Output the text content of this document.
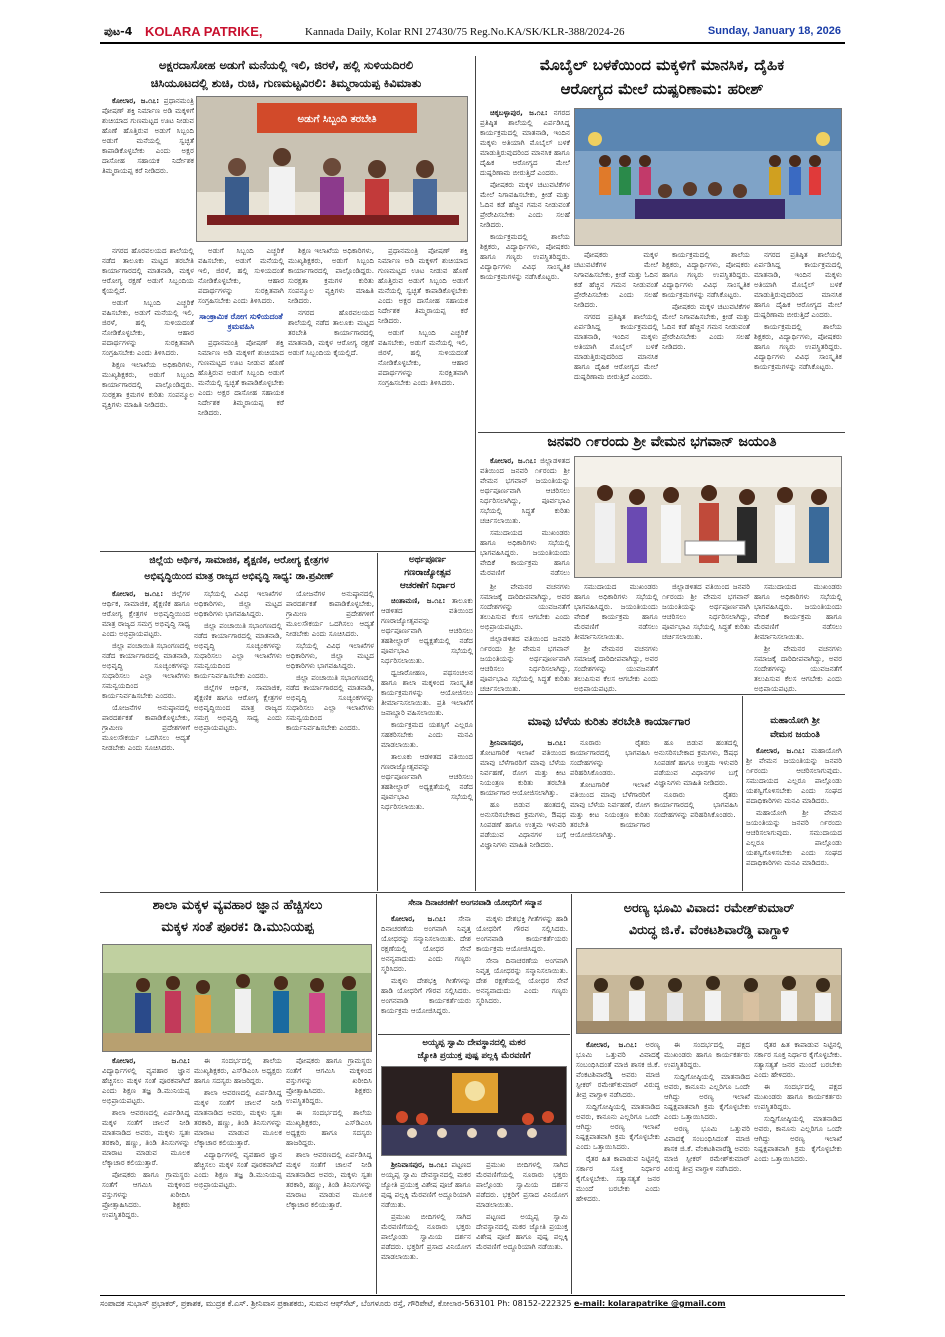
ಪುಟ-4 KOLARA PATRIKE,	Kannada Daily, Kolar RNI 27430/75 Reg.No.KA/SK/KLR-388/2024-26	Sunday, January 18, 2026
ಅಕ್ಷರದಾಸೋಹ ಅಡುಗೆ ಮನೆಯಲ್ಲಿ ಇಲಿ, ಜಿರಳೆ, ಹಲ್ಲಿ ಸುಳಿಯದಿರಲಿ
ಚಿಸಿಯೂಟದಲ್ಲಿ ಶುಚಿ, ರುಚಿ, ಗುಣಮಟ್ಟವಿರಲಿ: ತಿಮ್ಮರಾಯಪ್ಪ ಕಿವಿಮಾತು

ಕೋಲಾರ, ಜ.೧೭: ಪ್ರಧಾನಮಂತ್ರಿ ಪೋಷಣ್ ಶಕ್ತಿ ನಿರ್ಮಾಣ ಅಡಿ ಮಕ್ಕಳಿಗೆ ಶುಚಿಯಾದ ಗುಣಮಟ್ಟದ ಊಟ ನೀಡುವ ಹೊಣೆ ಹೊತ್ತಿರುವ ಅಡುಗೆ ಸಿಬ್ಬಂದಿ ಅಡುಗೆ ಮನೆಯಲ್ಲಿ ಸ್ವಚ್ಛತೆ ಕಾಪಾಡಿಕೊಳ್ಳಬೇಕು ಎಂದು ಅಕ್ಷರ ದಾಸೋಹ ಸಹಾಯಕ ನಿರ್ದೇಶಕ ತಿಮ್ಮರಾಯಪ್ಪ ಕರೆ ನೀಡಿದರು.

ಅಡುಗೆ ಸಿಬ್ಬಂದಿ ತರಬೇತಿ

ನಗರದ ಹೊರವಲಯದ ಶಾಲೆಯಲ್ಲಿ ನಡೆದ ತಾಲೂಕು ಮಟ್ಟದ ತರಬೇತಿ ಕಾರ್ಯಾಗಾರದಲ್ಲಿ ಮಾತನಾಡಿ, ಮಕ್ಕಳ ಆರೋಗ್ಯ ರಕ್ಷಣೆ ಅಡುಗೆ ಸಿಬ್ಬಂದಿಯ ಕೈಯಲ್ಲಿದೆ.

ಅಡುಗೆ ಸಿಬ್ಬಂದಿ ಎಚ್ಚರಿಕೆ ವಹಿಸಬೇಕು, ಅಡುಗೆ ಮನೆಯಲ್ಲಿ ಇಲಿ, ಜಿರಳೆ, ಹಲ್ಲಿ ಸುಳಿಯದಂತೆ ನೋಡಿಕೊಳ್ಳಬೇಕು, ಆಹಾರ ಪದಾರ್ಥಗಳನ್ನು ಸುರಕ್ಷಿತವಾಗಿ ಸಂಗ್ರಹಿಸಬೇಕು ಎಂದು ತಿಳಿಸಿದರು.

ಶಿಕ್ಷಣ ಇಲಾಖೆಯ ಅಧಿಕಾರಿಗಳು, ಮುಖ್ಯಶಿಕ್ಷಕರು, ಅಡುಗೆ ಸಿಬ್ಬಂದಿ ಕಾರ್ಯಾಗಾರದಲ್ಲಿ ಪಾಲ್ಗೊಂಡಿದ್ದರು. ಸುರಕ್ಷತಾ ಕ್ರಮಗಳ ಕುರಿತು ಸಂಪನ್ಮೂಲ ವ್ಯಕ್ತಿಗಳು ಮಾಹಿತಿ ನೀಡಿದರು.

ಅಡುಗೆ ಸಿಬ್ಬಂದಿ ಎಚ್ಚರಿಕೆ ವಹಿಸಬೇಕು, ಅಡುಗೆ ಮನೆಯಲ್ಲಿ ಇಲಿ, ಜಿರಳೆ, ಹಲ್ಲಿ ಸುಳಿಯದಂತೆ ನೋಡಿಕೊಳ್ಳಬೇಕು, ಆಹಾರ ಪದಾರ್ಥಗಳನ್ನು ಸುರಕ್ಷಿತವಾಗಿ ಸಂಗ್ರಹಿಸಬೇಕು ಎಂದು ತಿಳಿಸಿದರು.

ಸಾಂಕ್ರಾಮಿಕ ರೋಗ ಸುಳಿಯದಂತೆ ಕ್ರಮವಹಿಸಿ

ಪ್ರಧಾನಮಂತ್ರಿ ಪೋಷಣ್ ಶಕ್ತಿ ನಿರ್ಮಾಣ ಅಡಿ ಮಕ್ಕಳಿಗೆ ಶುಚಿಯಾದ ಗುಣಮಟ್ಟದ ಊಟ ನೀಡುವ ಹೊಣೆ ಹೊತ್ತಿರುವ ಅಡುಗೆ ಸಿಬ್ಬಂದಿ ಅಡುಗೆ ಮನೆಯಲ್ಲಿ ಸ್ವಚ್ಛತೆ ಕಾಪಾಡಿಕೊಳ್ಳಬೇಕು ಎಂದು ಅಕ್ಷರ ದಾಸೋಹ ಸಹಾಯಕ ನಿರ್ದೇಶಕ ತಿಮ್ಮರಾಯಪ್ಪ ಕರೆ ನೀಡಿದರು.

ಶಿಕ್ಷಣ ಇಲಾಖೆಯ ಅಧಿಕಾರಿಗಳು, ಮುಖ್ಯಶಿಕ್ಷಕರು, ಅಡುಗೆ ಸಿಬ್ಬಂದಿ ಕಾರ್ಯಾಗಾರದಲ್ಲಿ ಪಾಲ್ಗೊಂಡಿದ್ದರು. ಸುರಕ್ಷತಾ ಕ್ರಮಗಳ ಕುರಿತು ಸಂಪನ್ಮೂಲ ವ್ಯಕ್ತಿಗಳು ಮಾಹಿತಿ ನೀಡಿದರು.

ನಗರದ ಹೊರವಲಯದ ಶಾಲೆಯಲ್ಲಿ ನಡೆದ ತಾಲೂಕು ಮಟ್ಟದ ತರಬೇತಿ ಕಾರ್ಯಾಗಾರದಲ್ಲಿ ಮಾತನಾಡಿ, ಮಕ್ಕಳ ಆರೋಗ್ಯ ರಕ್ಷಣೆ ಅಡುಗೆ ಸಿಬ್ಬಂದಿಯ ಕೈಯಲ್ಲಿದೆ.

ಪ್ರಧಾನಮಂತ್ರಿ ಪೋಷಣ್ ಶಕ್ತಿ ನಿರ್ಮಾಣ ಅಡಿ ಮಕ್ಕಳಿಗೆ ಶುಚಿಯಾದ ಗುಣಮಟ್ಟದ ಊಟ ನೀಡುವ ಹೊಣೆ ಹೊತ್ತಿರುವ ಅಡುಗೆ ಸಿಬ್ಬಂದಿ ಅಡುಗೆ ಮನೆಯಲ್ಲಿ ಸ್ವಚ್ಛತೆ ಕಾಪಾಡಿಕೊಳ್ಳಬೇಕು ಎಂದು ಅಕ್ಷರ ದಾಸೋಹ ಸಹಾಯಕ ನಿರ್ದೇಶಕ ತಿಮ್ಮರಾಯಪ್ಪ ಕರೆ ನೀಡಿದರು.

ಅಡುಗೆ ಸಿಬ್ಬಂದಿ ಎಚ್ಚರಿಕೆ ವಹಿಸಬೇಕು, ಅಡುಗೆ ಮನೆಯಲ್ಲಿ ಇಲಿ, ಜಿರಳೆ, ಹಲ್ಲಿ ಸುಳಿಯದಂತೆ ನೋಡಿಕೊಳ್ಳಬೇಕು, ಆಹಾರ ಪದಾರ್ಥಗಳನ್ನು ಸುರಕ್ಷಿತವಾಗಿ ಸಂಗ್ರಹಿಸಬೇಕು ಎಂದು ತಿಳಿಸಿದರು.

ಮೊಬೈಲ್ ಬಳಕೆಯಿಂದ ಮಕ್ಕಳಿಗೆ ಮಾನಸಿಕ, ದೈಹಿಕ
ಆರೋಗ್ಯದ ಮೇಲೆ ದುಷ್ಪರಿಣಾಮ: ಹರೀಶ್

ಚಿಕ್ಕಬಳ್ಳಾಪುರ, ಜ.೧೭: ನಗರದ ಪ್ರತಿಷ್ಠಿತ ಶಾಲೆಯಲ್ಲಿ ಏರ್ಪಡಿಸಿದ್ದ ಕಾರ್ಯಕ್ರಮದಲ್ಲಿ ಮಾತನಾಡಿ, ಇಂದಿನ ಮಕ್ಕಳು ಅತಿಯಾಗಿ ಮೊಬೈಲ್ ಬಳಕೆ ಮಾಡುತ್ತಿರುವುದರಿಂದ ಮಾನಸಿಕ ಹಾಗೂ ದೈಹಿಕ ಆರೋಗ್ಯದ ಮೇಲೆ ದುಷ್ಪರಿಣಾಮ ಬೀರುತ್ತಿದೆ ಎಂದರು.

ಪೋಷಕರು ಮಕ್ಕಳ ಚಟುವಟಿಕೆಗಳ ಮೇಲೆ ನಿಗಾವಹಿಸಬೇಕು, ಕ್ರೀಡೆ ಮತ್ತು ಓದಿನ ಕಡೆ ಹೆಚ್ಚಿನ ಗಮನ ನೀಡುವಂತೆ ಪ್ರೇರೇಪಿಸಬೇಕು ಎಂದು ಸಲಹೆ ನೀಡಿದರು.

ಕಾರ್ಯಕ್ರಮದಲ್ಲಿ ಶಾಲೆಯ ಶಿಕ್ಷಕರು, ವಿದ್ಯಾರ್ಥಿಗಳು, ಪೋಷಕರು ಹಾಗೂ ಗಣ್ಯರು ಉಪಸ್ಥಿತರಿದ್ದರು. ವಿದ್ಯಾರ್ಥಿಗಳು ವಿವಿಧ ಸಾಂಸ್ಕೃತಿಕ ಕಾರ್ಯಕ್ರಮಗಳನ್ನು ನಡೆಸಿಕೊಟ್ಟರು.

ಪೋಷಕರು ಮಕ್ಕಳ ಚಟುವಟಿಕೆಗಳ ಮೇಲೆ ನಿಗಾವಹಿಸಬೇಕು, ಕ್ರೀಡೆ ಮತ್ತು ಓದಿನ ಕಡೆ ಹೆಚ್ಚಿನ ಗಮನ ನೀಡುವಂತೆ ಪ್ರೇರೇಪಿಸಬೇಕು ಎಂದು ಸಲಹೆ ನೀಡಿದರು.

ನಗರದ ಪ್ರತಿಷ್ಠಿತ ಶಾಲೆಯಲ್ಲಿ ಏರ್ಪಡಿಸಿದ್ದ ಕಾರ್ಯಕ್ರಮದಲ್ಲಿ ಮಾತನಾಡಿ, ಇಂದಿನ ಮಕ್ಕಳು ಅತಿಯಾಗಿ ಮೊಬೈಲ್ ಬಳಕೆ ಮಾಡುತ್ತಿರುವುದರಿಂದ ಮಾನಸಿಕ ಹಾಗೂ ದೈಹಿಕ ಆರೋಗ್ಯದ ಮೇಲೆ ದುಷ್ಪರಿಣಾಮ ಬೀರುತ್ತಿದೆ ಎಂದರು.

ಕಾರ್ಯಕ್ರಮದಲ್ಲಿ ಶಾಲೆಯ ಶಿಕ್ಷಕರು, ವಿದ್ಯಾರ್ಥಿಗಳು, ಪೋಷಕರು ಹಾಗೂ ಗಣ್ಯರು ಉಪಸ್ಥಿತರಿದ್ದರು. ವಿದ್ಯಾರ್ಥಿಗಳು ವಿವಿಧ ಸಾಂಸ್ಕೃತಿಕ ಕಾರ್ಯಕ್ರಮಗಳನ್ನು ನಡೆಸಿಕೊಟ್ಟರು.

ಪೋಷಕರು ಮಕ್ಕಳ ಚಟುವಟಿಕೆಗಳ ಮೇಲೆ ನಿಗಾವಹಿಸಬೇಕು, ಕ್ರೀಡೆ ಮತ್ತು ಓದಿನ ಕಡೆ ಹೆಚ್ಚಿನ ಗಮನ ನೀಡುವಂತೆ ಪ್ರೇರೇಪಿಸಬೇಕು ಎಂದು ಸಲಹೆ ನೀಡಿದರು.

ನಗರದ ಪ್ರತಿಷ್ಠಿತ ಶಾಲೆಯಲ್ಲಿ ಏರ್ಪಡಿಸಿದ್ದ ಕಾರ್ಯಕ್ರಮದಲ್ಲಿ ಮಾತನಾಡಿ, ಇಂದಿನ ಮಕ್ಕಳು ಅತಿಯಾಗಿ ಮೊಬೈಲ್ ಬಳಕೆ ಮಾಡುತ್ತಿರುವುದರಿಂದ ಮಾನಸಿಕ ಹಾಗೂ ದೈಹಿಕ ಆರೋಗ್ಯದ ಮೇಲೆ ದುಷ್ಪರಿಣಾಮ ಬೀರುತ್ತಿದೆ ಎಂದರು.

ಕಾರ್ಯಕ್ರಮದಲ್ಲಿ ಶಾಲೆಯ ಶಿಕ್ಷಕರು, ವಿದ್ಯಾರ್ಥಿಗಳು, ಪೋಷಕರು ಹಾಗೂ ಗಣ್ಯರು ಉಪಸ್ಥಿತರಿದ್ದರು. ವಿದ್ಯಾರ್ಥಿಗಳು ವಿವಿಧ ಸಾಂಸ್ಕೃತಿಕ ಕಾರ್ಯಕ್ರಮಗಳನ್ನು ನಡೆಸಿಕೊಟ್ಟರು.

ಜನವರಿ ೧೯ರಂದು ಶ್ರೀ ವೇಮನ ಭಗವಾನ್ ಜಯಂತಿ

ಕೋಲಾರ, ಜ.೧೭: ಜಿಲ್ಲಾಡಳಿತದ ವತಿಯಿಂದ ಜನವರಿ ೧೯ರಂದು ಶ್ರೀ ವೇಮನ ಭಗವಾನ್ ಜಯಂತಿಯನ್ನು ಅರ್ಥಪೂರ್ಣವಾಗಿ ಆಚರಿಸಲು ನಿರ್ಧರಿಸಲಾಗಿದ್ದು, ಪೂರ್ವಭಾವಿ ಸಭೆಯಲ್ಲಿ ಸಿದ್ಧತೆ ಕುರಿತು ಚರ್ಚಿಸಲಾಯಿತು.

ಸಮುದಾಯದ ಮುಖಂಡರು ಹಾಗೂ ಅಧಿಕಾರಿಗಳು ಸಭೆಯಲ್ಲಿ ಭಾಗವಹಿಸಿದ್ದರು. ಜಯಂತಿಯಂದು ವೇದಿಕೆ ಕಾರ್ಯಕ್ರಮ ಹಾಗೂ ಮೆರವಣಿಗೆ ನಡೆಸಲು

ಶ್ರೀ ವೇಮನರ ವಚನಗಳು ಸಮಾಜಕ್ಕೆ ದಾರಿದೀಪವಾಗಿದ್ದು, ಅವರ ಸಂದೇಶಗಳನ್ನು ಯುವಜನತೆಗೆ ತಲುಪಿಸುವ ಕೆಲಸ ಆಗಬೇಕು ಎಂದು ಅಭಿಪ್ರಾಯಪಟ್ಟರು.

ಜಿಲ್ಲಾಡಳಿತದ ವತಿಯಿಂದ ಜನವರಿ ೧೯ರಂದು ಶ್ರೀ ವೇಮನ ಭಗವಾನ್ ಜಯಂತಿಯನ್ನು ಅರ್ಥಪೂರ್ಣವಾಗಿ ಆಚರಿಸಲು ನಿರ್ಧರಿಸಲಾಗಿದ್ದು, ಪೂರ್ವಭಾವಿ ಸಭೆಯಲ್ಲಿ ಸಿದ್ಧತೆ ಕುರಿತು ಚರ್ಚಿಸಲಾಯಿತು.

ಸಮುದಾಯದ ಮುಖಂಡರು ಹಾಗೂ ಅಧಿಕಾರಿಗಳು ಸಭೆಯಲ್ಲಿ ಭಾಗವಹಿಸಿದ್ದರು. ಜಯಂತಿಯಂದು ವೇದಿಕೆ ಕಾರ್ಯಕ್ರಮ ಹಾಗೂ ಮೆರವಣಿಗೆ ನಡೆಸಲು ತೀರ್ಮಾನಿಸಲಾಯಿತು.

ಶ್ರೀ ವೇಮನರ ವಚನಗಳು ಸಮಾಜಕ್ಕೆ ದಾರಿದೀಪವಾಗಿದ್ದು, ಅವರ ಸಂದೇಶಗಳನ್ನು ಯುವಜನತೆಗೆ ತಲುಪಿಸುವ ಕೆಲಸ ಆಗಬೇಕು ಎಂದು ಅಭಿಪ್ರಾಯಪಟ್ಟರು.

ಜಿಲ್ಲಾಡಳಿತದ ವತಿಯಿಂದ ಜನವರಿ ೧೯ರಂದು ಶ್ರೀ ವೇಮನ ಭಗವಾನ್ ಜಯಂತಿಯನ್ನು ಅರ್ಥಪೂರ್ಣವಾಗಿ ಆಚರಿಸಲು ನಿರ್ಧರಿಸಲಾಗಿದ್ದು, ಪೂರ್ವಭಾವಿ ಸಭೆಯಲ್ಲಿ ಸಿದ್ಧತೆ ಕುರಿತು ಚರ್ಚಿಸಲಾಯಿತು.

ಸಮುದಾಯದ ಮುಖಂಡರು ಹಾಗೂ ಅಧಿಕಾರಿಗಳು ಸಭೆಯಲ್ಲಿ ಭಾಗವಹಿಸಿದ್ದರು. ಜಯಂತಿಯಂದು ವೇದಿಕೆ ಕಾರ್ಯಕ್ರಮ ಹಾಗೂ ಮೆರವಣಿಗೆ ನಡೆಸಲು ತೀರ್ಮಾನಿಸಲಾಯಿತು.

ಶ್ರೀ ವೇಮನರ ವಚನಗಳು ಸಮಾಜಕ್ಕೆ ದಾರಿದೀಪವಾಗಿದ್ದು, ಅವರ ಸಂದೇಶಗಳನ್ನು ಯುವಜನತೆಗೆ ತಲುಪಿಸುವ ಕೆಲಸ ಆಗಬೇಕು ಎಂದು ಅಭಿಪ್ರಾಯಪಟ್ಟರು.

ಜಿಲ್ಲೆಯ ಆರ್ಥಿಕ, ಸಾಮಾಜಿಕ, ಶೈಕ್ಷಣಿಕ, ಆರೋಗ್ಯ ಕ್ಷೇತ್ರಗಳ
ಅಭಿವೃದ್ಧಿಯಿಂದ ಮಾತ್ರ ರಾಜ್ಯದ ಅಭಿವೃದ್ಧಿ ಸಾಧ್ಯ: ಡಾ.ಪ್ರವೀಣ್

ಕೋಲಾರ, ಜ.೧೭: ಜಿಲ್ಲೆಗಳ ಆರ್ಥಿಕ, ಸಾಮಾಜಿಕ, ಶೈಕ್ಷಣಿಕ ಹಾಗೂ ಆರೋಗ್ಯ ಕ್ಷೇತ್ರಗಳ ಅಭಿವೃದ್ಧಿಯಿಂದ ಮಾತ್ರ ರಾಜ್ಯದ ಸಮಗ್ರ ಅಭಿವೃದ್ಧಿ ಸಾಧ್ಯ ಎಂದು ಅಭಿಪ್ರಾಯಪಟ್ಟರು.

ಜಿಲ್ಲಾ ಪಂಚಾಯಿತಿ ಸಭಾಂಗಣದಲ್ಲಿ ನಡೆದ ಕಾರ್ಯಾಗಾರದಲ್ಲಿ ಮಾತನಾಡಿ, ಅಭಿವೃದ್ಧಿ ಸೂಚ್ಯಂಕಗಳನ್ನು ಸುಧಾರಿಸಲು ಎಲ್ಲಾ ಇಲಾಖೆಗಳು ಸಮನ್ವಯದಿಂದ ಕಾರ್ಯನಿರ್ವಹಿಸಬೇಕು ಎಂದರು.

ಯೋಜನೆಗಳ ಅನುಷ್ಠಾನದಲ್ಲಿ ಪಾರದರ್ಶಕತೆ ಕಾಪಾಡಿಕೊಳ್ಳಬೇಕು, ಗ್ರಾಮೀಣ ಪ್ರದೇಶಗಳಿಗೆ ಮೂಲಸೌಕರ್ಯ ಒದಗಿಸಲು ಆದ್ಯತೆ ನೀಡಬೇಕು ಎಂದು ಸೂಚಿಸಿದರು.

ಸಭೆಯಲ್ಲಿ ವಿವಿಧ ಇಲಾಖೆಗಳ ಅಧಿಕಾರಿಗಳು, ಜಿಲ್ಲಾ ಮಟ್ಟದ ಅಧಿಕಾರಿಗಳು ಭಾಗವಹಿಸಿದ್ದರು.

ಜಿಲ್ಲಾ ಪಂಚಾಯಿತಿ ಸಭಾಂಗಣದಲ್ಲಿ ನಡೆದ ಕಾರ್ಯಾಗಾರದಲ್ಲಿ ಮಾತನಾಡಿ, ಅಭಿವೃದ್ಧಿ ಸೂಚ್ಯಂಕಗಳನ್ನು ಸುಧಾರಿಸಲು ಎಲ್ಲಾ ಇಲಾಖೆಗಳು ಸಮನ್ವಯದಿಂದ ಕಾರ್ಯನಿರ್ವಹಿಸಬೇಕು ಎಂದರು.

ಜಿಲ್ಲೆಗಳ ಆರ್ಥಿಕ, ಸಾಮಾಜಿಕ, ಶೈಕ್ಷಣಿಕ ಹಾಗೂ ಆರೋಗ್ಯ ಕ್ಷೇತ್ರಗಳ ಅಭಿವೃದ್ಧಿಯಿಂದ ಮಾತ್ರ ರಾಜ್ಯದ ಸಮಗ್ರ ಅಭಿವೃದ್ಧಿ ಸಾಧ್ಯ ಎಂದು ಅಭಿಪ್ರಾಯಪಟ್ಟರು.

ಯೋಜನೆಗಳ ಅನುಷ್ಠಾನದಲ್ಲಿ ಪಾರದರ್ಶಕತೆ ಕಾಪಾಡಿಕೊಳ್ಳಬೇಕು, ಗ್ರಾಮೀಣ ಪ್ರದೇಶಗಳಿಗೆ ಮೂಲಸೌಕರ್ಯ ಒದಗಿಸಲು ಆದ್ಯತೆ ನೀಡಬೇಕು ಎಂದು ಸೂಚಿಸಿದರು.

ಸಭೆಯಲ್ಲಿ ವಿವಿಧ ಇಲಾಖೆಗಳ ಅಧಿಕಾರಿಗಳು, ಜಿಲ್ಲಾ ಮಟ್ಟದ ಅಧಿಕಾರಿಗಳು ಭಾಗವಹಿಸಿದ್ದರು.

ಜಿಲ್ಲಾ ಪಂಚಾಯಿತಿ ಸಭಾಂಗಣದಲ್ಲಿ ನಡೆದ ಕಾರ್ಯಾಗಾರದಲ್ಲಿ ಮಾತನಾಡಿ, ಅಭಿವೃದ್ಧಿ ಸೂಚ್ಯಂಕಗಳನ್ನು ಸುಧಾರಿಸಲು ಎಲ್ಲಾ ಇಲಾಖೆಗಳು ಸಮನ್ವಯದಿಂದ ಕಾರ್ಯನಿರ್ವಹಿಸಬೇಕು ಎಂದರು.

ಅರ್ಥಪೂರ್ಣ
ಗಣರಾಜ್ಯೋತ್ಸವ
ಆಚರಣೆಗೆ ನಿರ್ಧಾರ

ಚಿಂತಾಮಣಿ, ಜ.೧೭: ತಾಲೂಕು ಆಡಳಿತದ ವತಿಯಿಂದ ಗಣರಾಜ್ಯೋತ್ಸವವನ್ನು ಅರ್ಥಪೂರ್ಣವಾಗಿ ಆಚರಿಸಲು ತಹಶೀಲ್ದಾರ್ ಅಧ್ಯಕ್ಷತೆಯಲ್ಲಿ ನಡೆದ ಪೂರ್ವಭಾವಿ ಸಭೆಯಲ್ಲಿ ನಿರ್ಧರಿಸಲಾಯಿತು.

ಧ್ವಜಾರೋಹಣ, ಪಥಸಂಚಲನ ಹಾಗೂ ಶಾಲಾ ಮಕ್ಕಳಿಂದ ಸಾಂಸ್ಕೃತಿಕ ಕಾರ್ಯಕ್ರಮಗಳನ್ನು ಆಯೋಜಿಸಲು ತೀರ್ಮಾನಿಸಲಾಯಿತು. ಪ್ರತಿ ಇಲಾಖೆಗೆ ಜವಾಬ್ದಾರಿ ವಹಿಸಲಾಯಿತು.

ಕಾರ್ಯಕ್ರಮದ ಯಶಸ್ಸಿಗೆ ಎಲ್ಲರೂ ಸಹಕರಿಸಬೇಕು ಎಂದು ಮನವಿ ಮಾಡಲಾಯಿತು.

ತಾಲೂಕು ಆಡಳಿತದ ವತಿಯಿಂದ ಗಣರಾಜ್ಯೋತ್ಸವವನ್ನು ಅರ್ಥಪೂರ್ಣವಾಗಿ ಆಚರಿಸಲು ತಹಶೀಲ್ದಾರ್ ಅಧ್ಯಕ್ಷತೆಯಲ್ಲಿ ನಡೆದ ಪೂರ್ವಭಾವಿ ಸಭೆಯಲ್ಲಿ ನಿರ್ಧರಿಸಲಾಯಿತು.

ಮಾವು ಬೆಳೆಯ ಕುರಿತು ತರಬೇತಿ ಕಾರ್ಯಾಗಾರ

ಶ್ರೀನಿವಾಸಪುರ, ಜ.೧೭: ತೋಟಗಾರಿಕೆ ಇಲಾಖೆ ವತಿಯಿಂದ ಮಾವು ಬೆಳೆಗಾರರಿಗೆ ಮಾವು ಬೆಳೆಯ ನಿರ್ವಹಣೆ, ರೋಗ ಮತ್ತು ಕೀಟ ನಿಯಂತ್ರಣ ಕುರಿತು ತರಬೇತಿ ಕಾರ್ಯಾಗಾರ ಆಯೋಜಿಸಲಾಗಿತ್ತು.

ಹೂ ಬಿಡುವ ಹಂತದಲ್ಲಿ ಅನುಸರಿಸಬೇಕಾದ ಕ್ರಮಗಳು, ಔಷಧ ಸಿಂಪಡಣೆ ಹಾಗೂ ಉತ್ತಮ ಇಳುವರಿ ಪಡೆಯುವ ವಿಧಾನಗಳ ಬಗ್ಗೆ ವಿಜ್ಞಾನಿಗಳು ಮಾಹಿತಿ ನೀಡಿದರು.

ನೂರಾರು ರೈತರು ಕಾರ್ಯಾಗಾರದಲ್ಲಿ ಭಾಗವಹಿಸಿ ಸಂದೇಹಗಳನ್ನು ಪರಿಹರಿಸಿಕೊಂಡರು.

ತೋಟಗಾರಿಕೆ ಇಲಾಖೆ ವತಿಯಿಂದ ಮಾವು ಬೆಳೆಗಾರರಿಗೆ ಮಾವು ಬೆಳೆಯ ನಿರ್ವಹಣೆ, ರೋಗ ಮತ್ತು ಕೀಟ ನಿಯಂತ್ರಣ ಕುರಿತು ತರಬೇತಿ ಕಾರ್ಯಾಗಾರ ಆಯೋಜಿಸಲಾಗಿತ್ತು.

ಹೂ ಬಿಡುವ ಹಂತದಲ್ಲಿ ಅನುಸರಿಸಬೇಕಾದ ಕ್ರಮಗಳು, ಔಷಧ ಸಿಂಪಡಣೆ ಹಾಗೂ ಉತ್ತಮ ಇಳುವರಿ ಪಡೆಯುವ ವಿಧಾನಗಳ ಬಗ್ಗೆ ವಿಜ್ಞಾನಿಗಳು ಮಾಹಿತಿ ನೀಡಿದರು.

ನೂರಾರು ರೈತರು ಕಾರ್ಯಾಗಾರದಲ್ಲಿ ಭಾಗವಹಿಸಿ ಸಂದೇಹಗಳನ್ನು ಪರಿಹರಿಸಿಕೊಂಡರು.

ಮಹಾಯೋಗಿ ಶ್ರೀ
ವೇಮನ ಜಯಂತಿ

ಕೋಲಾರ, ಜ.೧೭: ಮಹಾಯೋಗಿ ಶ್ರೀ ವೇಮನ ಜಯಂತಿಯನ್ನು ಜನವರಿ ೧೯ರಂದು ಆಚರಿಸಲಾಗುವುದು. ಸಮುದಾಯದ ಎಲ್ಲರೂ ಪಾಲ್ಗೊಂಡು ಯಶಸ್ವಿಗೊಳಿಸಬೇಕು ಎಂದು ಸಂಘದ ಪದಾಧಿಕಾರಿಗಳು ಮನವಿ ಮಾಡಿದರು.

ಮಹಾಯೋಗಿ ಶ್ರೀ ವೇಮನ ಜಯಂತಿಯನ್ನು ಜನವರಿ ೧೯ರಂದು ಆಚರಿಸಲಾಗುವುದು. ಸಮುದಾಯದ ಎಲ್ಲರೂ ಪಾಲ್ಗೊಂಡು ಯಶಸ್ವಿಗೊಳಿಸಬೇಕು ಎಂದು ಸಂಘದ ಪದಾಧಿಕಾರಿಗಳು ಮನವಿ ಮಾಡಿದರು.

ಶಾಲಾ ಮಕ್ಕಳ ವ್ಯವಹಾರ ಜ್ಞಾನ ಹೆಚ್ಚಿಸಲು
ಮಕ್ಕಳ ಸಂತೆ ಪೂರಕ: ಡಿ.ಮುನಿಯಪ್ಪ

ಕೋಲಾರ, ಜ.೧೭: ವಿದ್ಯಾರ್ಥಿಗಳಲ್ಲಿ ವ್ಯವಹಾರ ಜ್ಞಾನ ಹೆಚ್ಚಿಸಲು ಮಕ್ಕಳ ಸಂತೆ ಪೂರಕವಾಗಿದೆ ಎಂದು ಶಿಕ್ಷಣ ತಜ್ಞ ಡಿ.ಮುನಿಯಪ್ಪ ಅಭಿಪ್ರಾಯಪಟ್ಟರು.

ಶಾಲಾ ಆವರಣದಲ್ಲಿ ಏರ್ಪಡಿಸಿದ್ದ ಮಕ್ಕಳ ಸಂತೆಗೆ ಚಾಲನೆ ನೀಡಿ ಮಾತನಾಡಿದ ಅವರು, ಮಕ್ಕಳು ಸ್ವತಃ ತರಕಾರಿ, ಹಣ್ಣು, ತಿಂಡಿ ತಿನಿಸುಗಳನ್ನು ಮಾರಾಟ ಮಾಡುವ ಮೂಲಕ ಲೆಕ್ಕಾಚಾರ ಕಲಿಯುತ್ತಾರೆ.

ಪೋಷಕರು ಹಾಗೂ ಗ್ರಾಮಸ್ಥರು ಸಂತೆಗೆ ಆಗಮಿಸಿ ಮಕ್ಕಳಿಂದ ವಸ್ತುಗಳನ್ನು ಖರೀದಿಸಿ ಪ್ರೋತ್ಸಾಹಿಸಿದರು. ಶಿಕ್ಷಕರು ಉಪಸ್ಥಿತರಿದ್ದರು.

ಈ ಸಂದರ್ಭದಲ್ಲಿ ಶಾಲೆಯ ಮುಖ್ಯಶಿಕ್ಷಕರು, ಎಸ್‌ಡಿಎಂಸಿ ಅಧ್ಯಕ್ಷರು ಹಾಗೂ ಸದಸ್ಯರು ಹಾಜರಿದ್ದರು.

ಶಾಲಾ ಆವರಣದಲ್ಲಿ ಏರ್ಪಡಿಸಿದ್ದ ಮಕ್ಕಳ ಸಂತೆಗೆ ಚಾಲನೆ ನೀಡಿ ಮಾತನಾಡಿದ ಅವರು, ಮಕ್ಕಳು ಸ್ವತಃ ತರಕಾರಿ, ಹಣ್ಣು, ತಿಂಡಿ ತಿನಿಸುಗಳನ್ನು ಮಾರಾಟ ಮಾಡುವ ಮೂಲಕ ಲೆಕ್ಕಾಚಾರ ಕಲಿಯುತ್ತಾರೆ.

ವಿದ್ಯಾರ್ಥಿಗಳಲ್ಲಿ ವ್ಯವಹಾರ ಜ್ಞಾನ ಹೆಚ್ಚಿಸಲು ಮಕ್ಕಳ ಸಂತೆ ಪೂರಕವಾಗಿದೆ ಎಂದು ಶಿಕ್ಷಣ ತಜ್ಞ ಡಿ.ಮುನಿಯಪ್ಪ ಅಭಿಪ್ರಾಯಪಟ್ಟರು.

ಪೋಷಕರು ಹಾಗೂ ಗ್ರಾಮಸ್ಥರು ಸಂತೆಗೆ ಆಗಮಿಸಿ ಮಕ್ಕಳಿಂದ ವಸ್ತುಗಳನ್ನು ಖರೀದಿಸಿ ಪ್ರೋತ್ಸಾಹಿಸಿದರು. ಶಿಕ್ಷಕರು ಉಪಸ್ಥಿತರಿದ್ದರು.

ಈ ಸಂದರ್ಭದಲ್ಲಿ ಶಾಲೆಯ ಮುಖ್ಯಶಿಕ್ಷಕರು, ಎಸ್‌ಡಿಎಂಸಿ ಅಧ್ಯಕ್ಷರು ಹಾಗೂ ಸದಸ್ಯರು ಹಾಜರಿದ್ದರು.

ಶಾಲಾ ಆವರಣದಲ್ಲಿ ಏರ್ಪಡಿಸಿದ್ದ ಮಕ್ಕಳ ಸಂತೆಗೆ ಚಾಲನೆ ನೀಡಿ ಮಾತನಾಡಿದ ಅವರು, ಮಕ್ಕಳು ಸ್ವತಃ ತರಕಾರಿ, ಹಣ್ಣು, ತಿಂಡಿ ತಿನಿಸುಗಳನ್ನು ಮಾರಾಟ ಮಾಡುವ ಮೂಲಕ ಲೆಕ್ಕಾಚಾರ ಕಲಿಯುತ್ತಾರೆ.

ಸೇನಾ ದಿನಾಚರಣೆಗೆ ಅಂಗನವಾಡಿ ಯೋಧರಿಗೆ ಸನ್ಮಾನ

ಕೋಲಾರ, ಜ.೧೭: ಸೇನಾ ದಿನಾಚರಣೆಯ ಅಂಗವಾಗಿ ನಿವೃತ್ತ ಯೋಧರನ್ನು ಸನ್ಮಾನಿಸಲಾಯಿತು. ದೇಶ ರಕ್ಷಣೆಯಲ್ಲಿ ಯೋಧರ ಸೇವೆ ಅನನ್ಯವಾದುದು ಎಂದು ಗಣ್ಯರು ಸ್ಮರಿಸಿದರು.

ಮಕ್ಕಳು ದೇಶಭಕ್ತಿ ಗೀತೆಗಳನ್ನು ಹಾಡಿ ಯೋಧರಿಗೆ ಗೌರವ ಸಲ್ಲಿಸಿದರು. ಅಂಗನವಾಡಿ ಕಾರ್ಯಕರ್ತೆಯರು ಕಾರ್ಯಕ್ರಮ ಆಯೋಜಿಸಿದ್ದರು.

ಮಕ್ಕಳು ದೇಶಭಕ್ತಿ ಗೀತೆಗಳನ್ನು ಹಾಡಿ ಯೋಧರಿಗೆ ಗೌರವ ಸಲ್ಲಿಸಿದರು. ಅಂಗನವಾಡಿ ಕಾರ್ಯಕರ್ತೆಯರು ಕಾರ್ಯಕ್ರಮ ಆಯೋಜಿಸಿದ್ದರು.

ಸೇನಾ ದಿನಾಚರಣೆಯ ಅಂಗವಾಗಿ ನಿವೃತ್ತ ಯೋಧರನ್ನು ಸನ್ಮಾನಿಸಲಾಯಿತು. ದೇಶ ರಕ್ಷಣೆಯಲ್ಲಿ ಯೋಧರ ಸೇವೆ ಅನನ್ಯವಾದುದು ಎಂದು ಗಣ್ಯರು ಸ್ಮರಿಸಿದರು.

ಅಯ್ಯಪ್ಪ ಸ್ವಾಮಿ ದೇವಸ್ಥಾನದಲ್ಲಿ ಮಕರ
ಜ್ಯೋತಿ ಪ್ರಯುಕ್ತ ಪುಷ್ಪ ಪಲ್ಲಕ್ಕಿ ಮೆರವಣಿಗೆ

ಶ್ರೀನಿವಾಸಪುರ, ಜ.೧೭: ಪಟ್ಟಣದ ಅಯ್ಯಪ್ಪ ಸ್ವಾಮಿ ದೇವಸ್ಥಾನದಲ್ಲಿ ಮಕರ ಜ್ಯೋತಿ ಪ್ರಯುಕ್ತ ವಿಶೇಷ ಪೂಜೆ ಹಾಗೂ ಪುಷ್ಪ ಪಲ್ಲಕ್ಕಿ ಮೆರವಣಿಗೆ ಅದ್ದೂರಿಯಾಗಿ ನಡೆಯಿತು.

ಪ್ರಮುಖ ಬೀದಿಗಳಲ್ಲಿ ಸಾಗಿದ ಮೆರವಣಿಗೆಯಲ್ಲಿ ನೂರಾರು ಭಕ್ತರು ಪಾಲ್ಗೊಂಡು ಸ್ವಾಮಿಯ ದರ್ಶನ ಪಡೆದರು. ಭಕ್ತರಿಗೆ ಪ್ರಸಾದ ವಿನಿಯೋಗ ಮಾಡಲಾಯಿತು.

ಪ್ರಮುಖ ಬೀದಿಗಳಲ್ಲಿ ಸಾಗಿದ ಮೆರವಣಿಗೆಯಲ್ಲಿ ನೂರಾರು ಭಕ್ತರು ಪಾಲ್ಗೊಂಡು ಸ್ವಾಮಿಯ ದರ್ಶನ ಪಡೆದರು. ಭಕ್ತರಿಗೆ ಪ್ರಸಾದ ವಿನಿಯೋಗ ಮಾಡಲಾಯಿತು.

ಪಟ್ಟಣದ ಅಯ್ಯಪ್ಪ ಸ್ವಾಮಿ ದೇವಸ್ಥಾನದಲ್ಲಿ ಮಕರ ಜ್ಯೋತಿ ಪ್ರಯುಕ್ತ ವಿಶೇಷ ಪೂಜೆ ಹಾಗೂ ಪುಷ್ಪ ಪಲ್ಲಕ್ಕಿ ಮೆರವಣಿಗೆ ಅದ್ದೂರಿಯಾಗಿ ನಡೆಯಿತು.

ಅರಣ್ಯ ಭೂಮಿ ವಿವಾದ: ರಮೇಶ್‌ಕುಮಾರ್
ವಿರುದ್ಧ ಜಿ.ಕೆ. ವೆಂಕಟಶಿವಾರೆಡ್ಡಿ ವಾಗ್ದಾಳಿ

ಕೋಲಾರ, ಜ.೧೭: ಅರಣ್ಯ ಭೂಮಿ ಒತ್ತುವರಿ ವಿವಾದಕ್ಕೆ ಸಂಬಂಧಿಸಿದಂತೆ ಮಾಜಿ ಶಾಸಕ ಜಿ.ಕೆ. ವೆಂಕಟಶಿವಾರೆಡ್ಡಿ ಅವರು ಮಾಜಿ ಸ್ಪೀಕರ್ ರಮೇಶ್‌ಕುಮಾರ್ ವಿರುದ್ಧ ತೀವ್ರ ವಾಗ್ದಾಳಿ ನಡೆಸಿದರು.

ಸುದ್ದಿಗೋಷ್ಠಿಯಲ್ಲಿ ಮಾತನಾಡಿದ ಅವರು, ಕಾನೂನು ಎಲ್ಲರಿಗೂ ಒಂದೇ ಆಗಿದ್ದು ಅರಣ್ಯ ಇಲಾಖೆ ನಿಷ್ಪಕ್ಷಪಾತವಾಗಿ ಕ್ರಮ ಕೈಗೊಳ್ಳಬೇಕು ಎಂದು ಒತ್ತಾಯಿಸಿದರು.

ರೈತರ ಹಿತ ಕಾಪಾಡುವ ನಿಟ್ಟಿನಲ್ಲಿ ಸರ್ಕಾರ ಸೂಕ್ತ ನಿರ್ಧಾರ ಕೈಗೊಳ್ಳಬೇಕು. ಸತ್ಯಾಸತ್ಯತೆ ಜನರ ಮುಂದೆ ಬರಬೇಕು ಎಂದು ಹೇಳಿದರು.

ಈ ಸಂದರ್ಭದಲ್ಲಿ ಪಕ್ಷದ ಮುಖಂಡರು ಹಾಗೂ ಕಾರ್ಯಕರ್ತರು ಉಪಸ್ಥಿತರಿದ್ದರು.

ಸುದ್ದಿಗೋಷ್ಠಿಯಲ್ಲಿ ಮಾತನಾಡಿದ ಅವರು, ಕಾನೂನು ಎಲ್ಲರಿಗೂ ಒಂದೇ ಆಗಿದ್ದು ಅರಣ್ಯ ಇಲಾಖೆ ನಿಷ್ಪಕ್ಷಪಾತವಾಗಿ ಕ್ರಮ ಕೈಗೊಳ್ಳಬೇಕು ಎಂದು ಒತ್ತಾಯಿಸಿದರು.

ಅರಣ್ಯ ಭೂಮಿ ಒತ್ತುವರಿ ವಿವಾದಕ್ಕೆ ಸಂಬಂಧಿಸಿದಂತೆ ಮಾಜಿ ಶಾಸಕ ಜಿ.ಕೆ. ವೆಂಕಟಶಿವಾರೆಡ್ಡಿ ಅವರು ಮಾಜಿ ಸ್ಪೀಕರ್ ರಮೇಶ್‌ಕುಮಾರ್ ವಿರುದ್ಧ ತೀವ್ರ ವಾಗ್ದಾಳಿ ನಡೆಸಿದರು.

ರೈತರ ಹಿತ ಕಾಪಾಡುವ ನಿಟ್ಟಿನಲ್ಲಿ ಸರ್ಕಾರ ಸೂಕ್ತ ನಿರ್ಧಾರ ಕೈಗೊಳ್ಳಬೇಕು. ಸತ್ಯಾಸತ್ಯತೆ ಜನರ ಮುಂದೆ ಬರಬೇಕು ಎಂದು ಹೇಳಿದರು.

ಈ ಸಂದರ್ಭದಲ್ಲಿ ಪಕ್ಷದ ಮುಖಂಡರು ಹಾಗೂ ಕಾರ್ಯಕರ್ತರು ಉಪಸ್ಥಿತರಿದ್ದರು.

ಸುದ್ದಿಗೋಷ್ಠಿಯಲ್ಲಿ ಮಾತನಾಡಿದ ಅವರು, ಕಾನೂನು ಎಲ್ಲರಿಗೂ ಒಂದೇ ಆಗಿದ್ದು ಅರಣ್ಯ ಇಲಾಖೆ ನಿಷ್ಪಕ್ಷಪಾತವಾಗಿ ಕ್ರಮ ಕೈಗೊಳ್ಳಬೇಕು ಎಂದು ಒತ್ತಾಯಿಸಿದರು.

ಸಂಪಾದಕ ಸುಭಾಸ್ ಪ್ರಭಾಕರ್, ಪ್ರಕಾಶಕ, ಮುದ್ರಕ ಕೆ.ಎಸ್. ಶ್ರೀನಿವಾಸ ಪ್ರಕಾಶಕರು, ಸುಮನ ಆಫ್‌ಸೆಟ್, ಬೆಂಗಳೂರು ರಸ್ತೆ, ಗೌರಿಪೇಟೆ, ಕೋಲಾರ-563101 Ph: 08152-222325 e-mail: kolarapatrike @gmail.com
